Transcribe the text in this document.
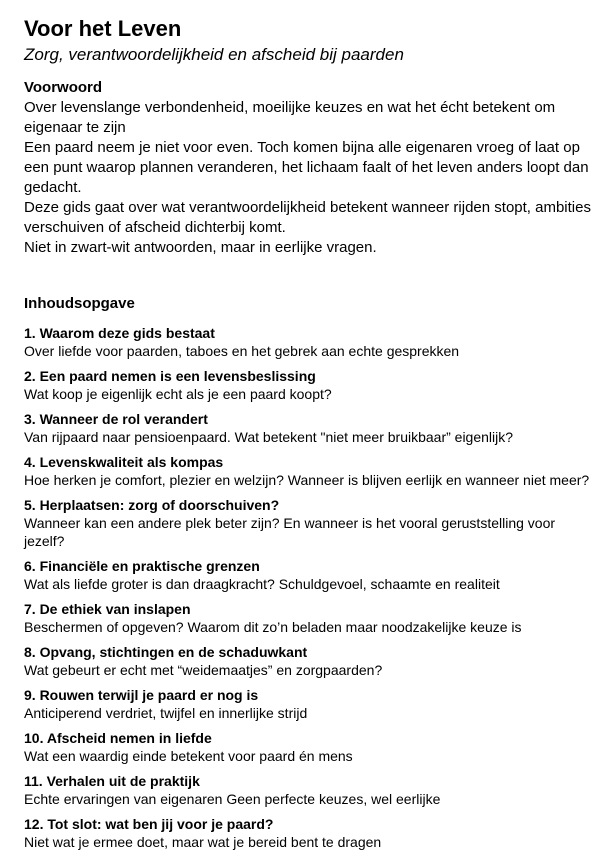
Voor het Leven
Zorg, verantwoordelijkheid en afscheid bij paarden
Voorwoord
Over levenslange verbondenheid, moeilijke keuzes en wat het écht betekent om eigenaar te zijn
Een paard neem je niet voor even. Toch komen bijna alle eigenaren vroeg of laat op een punt waarop plannen veranderen, het lichaam faalt of het leven anders loopt dan gedacht.
Deze gids gaat over wat verantwoordelijkheid betekent wanneer rijden stopt, ambities verschuiven of afscheid dichterbij komt.
Niet in zwart-wit antwoorden, maar in eerlijke vragen.
Inhoudsopgave
1. Waarom deze gids bestaat
Over liefde voor paarden, taboes en het gebrek aan echte gesprekken
2. Een paard nemen is een levensbeslissing
Wat koop je eigenlijk echt als je een paard koopt?
3. Wanneer de rol verandert
Van rijpaard naar pensioenpaard. Wat betekent "niet meer bruikbaar” eigenlijk?
4. Levenskwaliteit als kompas
Hoe herken je comfort, plezier en welzijn? Wanneer is blijven eerlijk en wanneer niet meer?
5. Herplaatsen: zorg of doorschuiven?
Wanneer kan een andere plek beter zijn? En wanneer is het vooral geruststelling voor jezelf?
6. Financiële en praktische grenzen
Wat als liefde groter is dan draagkracht? Schuldgevoel, schaamte en realiteit
7. De ethiek van inslapen
Beschermen of opgeven? Waarom dit zo’n beladen maar noodzakelijke keuze is
8. Opvang, stichtingen en de schaduwkant
Wat gebeurt er echt met “weidemaatjes” en zorgpaarden?
9. Rouwen terwijl je paard er nog is
Anticiperend verdriet, twijfel en innerlijke strijd
10. Afscheid nemen in liefde
Wat een waardig einde betekent voor paard én mens
11. Verhalen uit de praktijk
Echte ervaringen van eigenaren Geen perfecte keuzes, wel eerlijke
12. Tot slot: wat ben jij voor je paard?
Niet wat je ermee doet, maar wat je bereid bent te dragen
